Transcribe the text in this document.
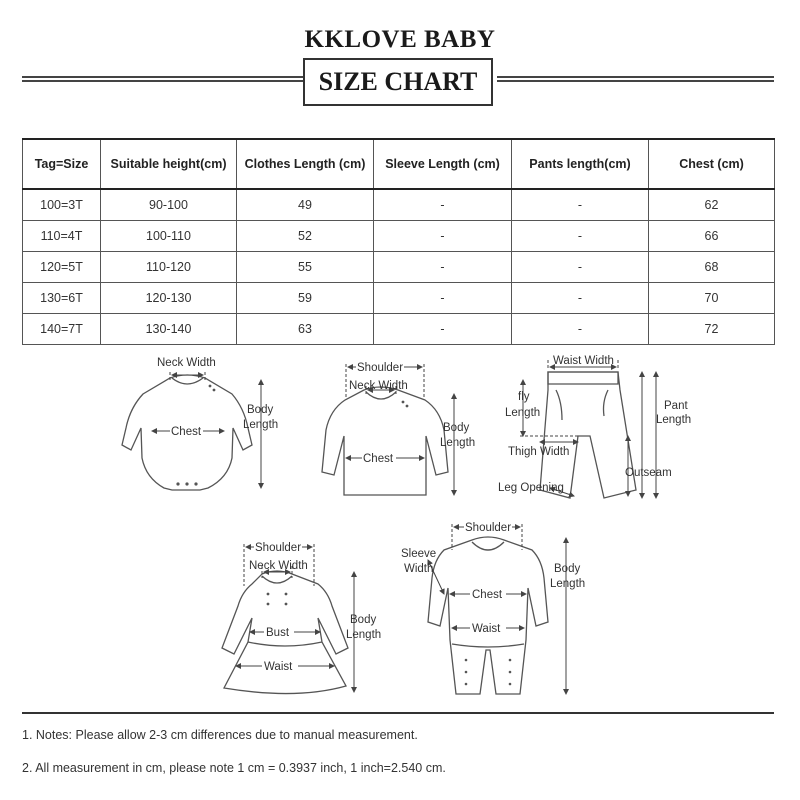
KKLOVE BABY
SIZE CHART
Tag=Size	Suitable height(cm)	Clothes Length (cm)	Sleeve Length (cm)	Pants length(cm)	Chest (cm)
100=3T	90-100	49	-	-	62
110=4T	100-110	52	-	-	66
120=5T	110-120	55	-	-	68
130=6T	120-130	59	-	-	70
140=7T	130-140	63	-	-	72
Neck Width
Chest
Body
Length
Shoulder
Neck Width
Chest
Body
Length
Waist Width
fly
Length
Pant
Length
Thigh Width
Outseam
Leg Opening
Shoulder
Neck Width
Bust
Waist
Body
Length
Shoulder
Sleeve
Width
Chest
Waist
Body
Length
1. Notes: Please allow 2-3 cm differences due to manual measurement.
2. All measurement in cm, please note 1 cm = 0.3937 inch, 1 inch=2.540 cm.
